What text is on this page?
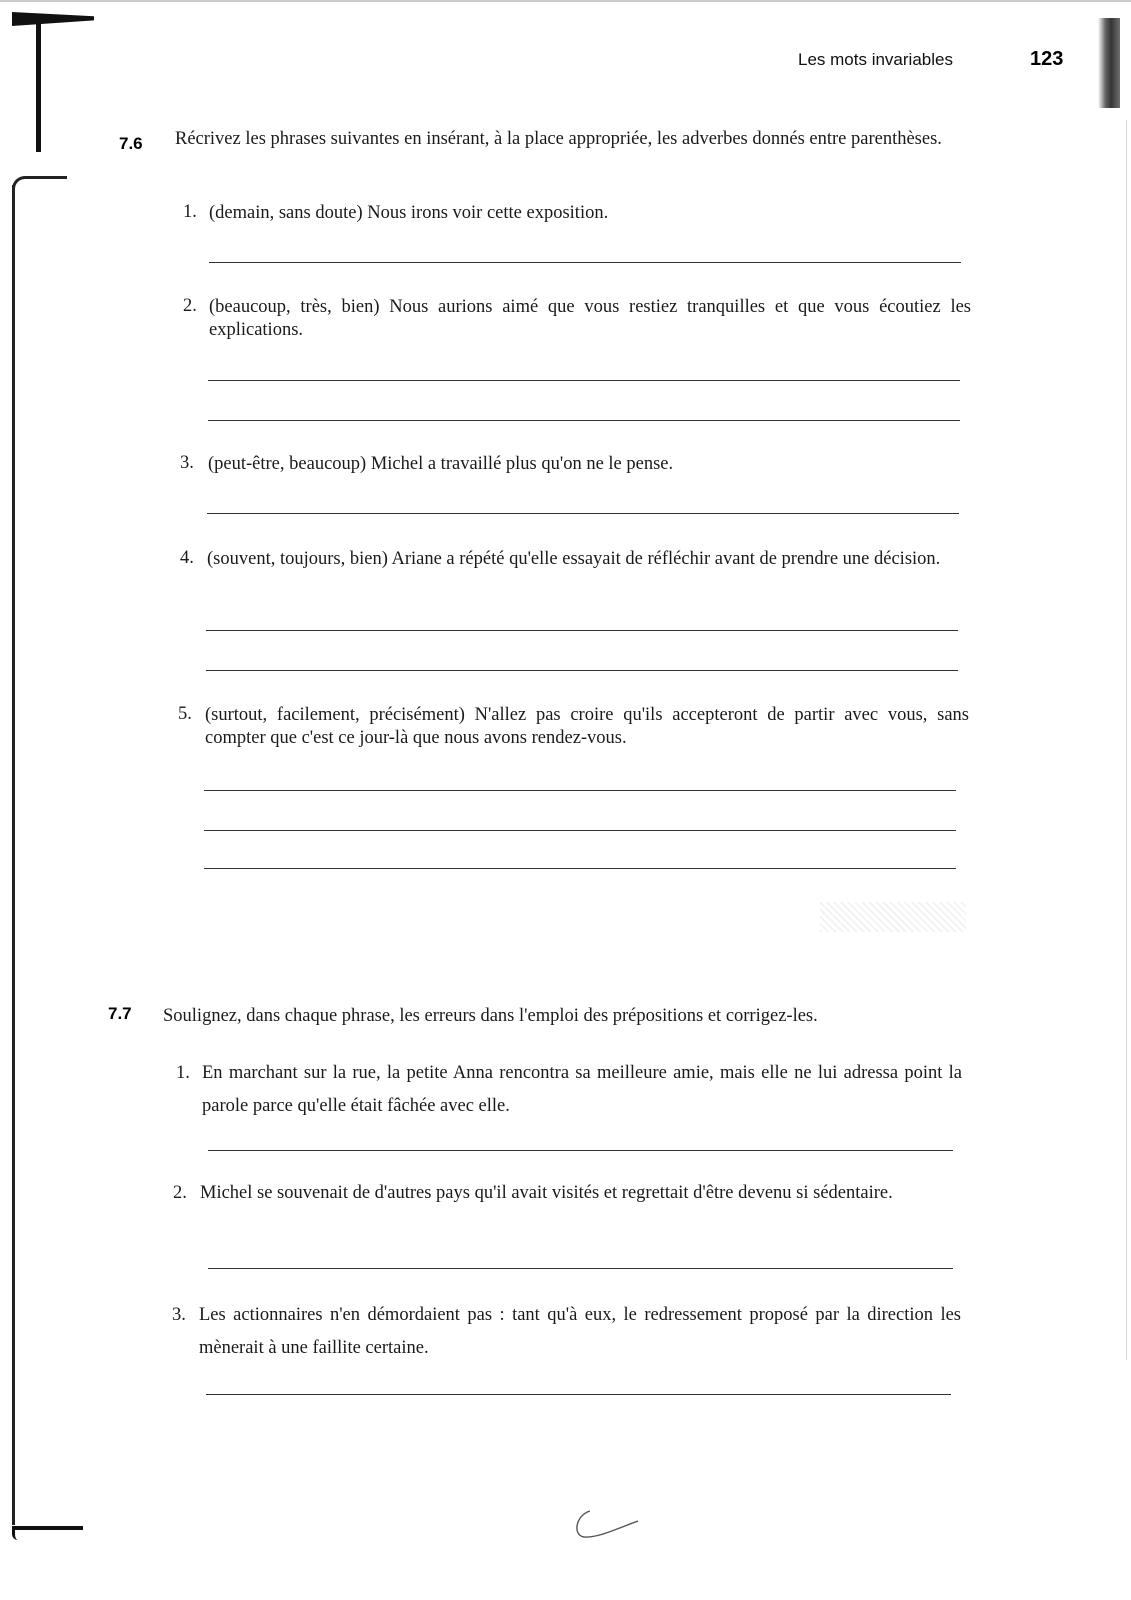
Les mots invariables	123
7.6 Récrivez les phrases suivantes en insérant, à la place appropriée, les adverbes donnés entre parenthèses.
1. (demain, sans doute) Nous irons voir cette exposition.
2. (beaucoup, très, bien) Nous aurions aimé que vous restiez tranquilles et que vous écoutiez les explications.
3. (peut-être, beaucoup) Michel a travaillé plus qu'on ne le pense.
4. (souvent, toujours, bien) Ariane a répété qu'elle essayait de réfléchir avant de prendre une décision.
5. (surtout, facilement, précisément) N'allez pas croire qu'ils accepteront de partir avec vous, sans compter que c'est ce jour-là que nous avons rendez-vous.
7.7 Soulignez, dans chaque phrase, les erreurs dans l'emploi des prépositions et corrigez-les.
1. En marchant sur la rue, la petite Anna rencontra sa meilleure amie, mais elle ne lui adressa point la parole parce qu'elle était fâchée avec elle.
2. Michel se souvenait de d'autres pays qu'il avait visités et regrettait d'être devenu si sédentaire.
3. Les actionnaires n'en démordaient pas : tant qu'à eux, le redressement proposé par la direction les mènerait à une faillite certaine.
